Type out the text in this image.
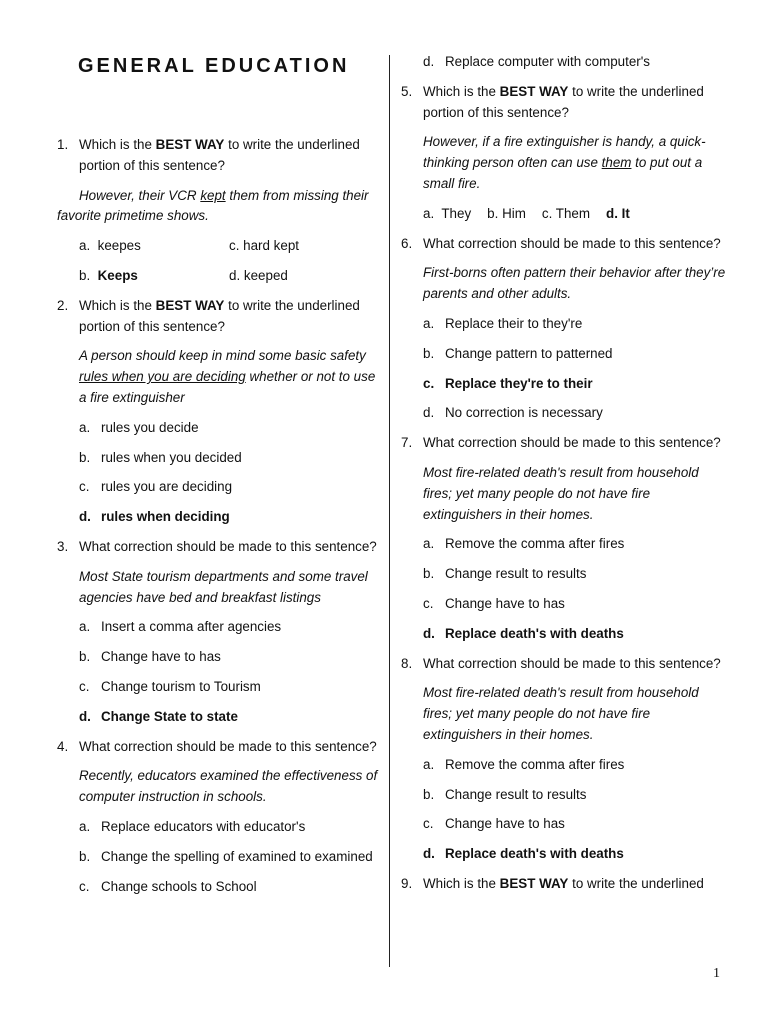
GENERAL EDUCATION
1. Which is the BEST WAY to write the underlined portion of this sentence?
However, their VCR kept them from missing their favorite primetime shows.
a. keepes	c. hard kept
b. Keeps	d. keeped
2. Which is the BEST WAY to write the underlined portion of this sentence?
A person should keep in mind some basic safety rules when you are deciding whether or not to use a fire extinguisher
a. rules you decide
b. rules when you decided
c. rules you are deciding
d. rules when deciding
3. What correction should be made to this sentence?
Most State tourism departments and some travel agencies have bed and breakfast listings
a. Insert a comma after agencies
b. Change have to has
c. Change tourism to Tourism
d. Change State to state
4. What correction should be made to this sentence?
Recently, educators examined the effectiveness of computer instruction in schools.
a. Replace educators with educator's
b. Change the spelling of examined to examined
c. Change schools to School
d. Replace computer with computer's
5. Which is the BEST WAY to write the underlined portion of this sentence?
However, if a fire extinguisher is handy, a quick-thinking person often can use them to put out a small fire.
a. They b. Him c. Them d. It
6. What correction should be made to this sentence?
First-borns often pattern their behavior after they’re parents and other adults.
a. Replace their to they're
b. Change pattern to patterned
c. Replace they're to their
d. No correction is necessary
7. What correction should be made to this sentence?
Most fire-related death's result from household fires; yet many people do not have fire extinguishers in their homes.
a. Remove the comma after fires
b. Change result to results
c. Change have to has
d. Replace death's with deaths
8. What correction should be made to this sentence?
Most fire-related death's result from household fires; yet many people do not have fire extinguishers in their homes.
a. Remove the comma after fires
b. Change result to results
c. Change have to has
d. Replace death's with deaths
9. Which is the BEST WAY to write the underlined
1
